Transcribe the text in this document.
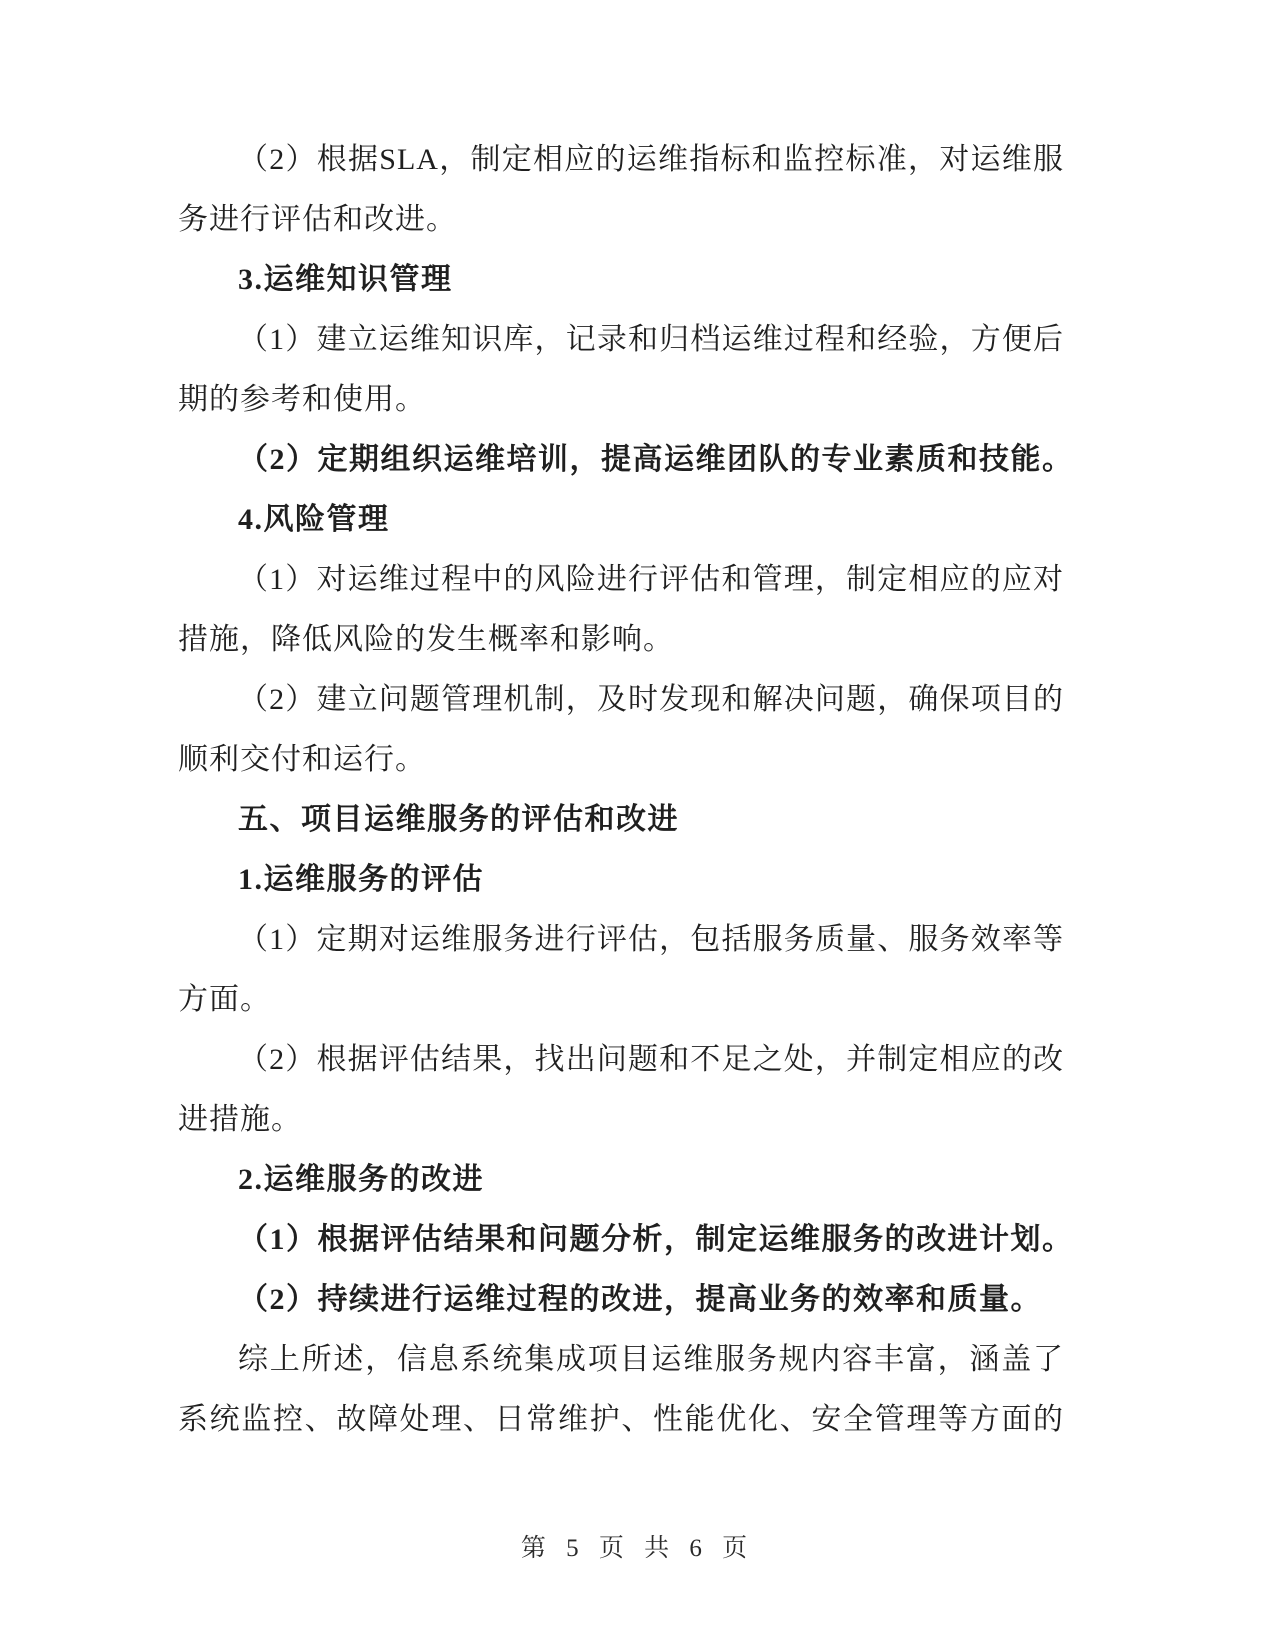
（2）根据SLA，制定相应的运维指标和监控标准，对运维服
务进行评估和改进。
3.运维知识管理
（1）建立运维知识库，记录和归档运维过程和经验，方便后
期的参考和使用。
（2）定期组织运维培训，提高运维团队的专业素质和技能。
4.风险管理
（1）对运维过程中的风险进行评估和管理，制定相应的应对
措施，降低风险的发生概率和影响。
（2）建立问题管理机制，及时发现和解决问题，确保项目的
顺利交付和运行。
五、项目运维服务的评估和改进
1.运维服务的评估
（1）定期对运维服务进行评估，包括服务质量、服务效率等
方面。
（2）根据评估结果，找出问题和不足之处，并制定相应的改
进措施。
2.运维服务的改进
（1）根据评估结果和问题分析，制定运维服务的改进计划。
（2）持续进行运维过程的改进，提高业务的效率和质量。
综上所述，信息系统集成项目运维服务规内容丰富，涵盖了
系统监控、故障处理、日常维护、性能优化、安全管理等方面的
第 5 页 共 6 页
